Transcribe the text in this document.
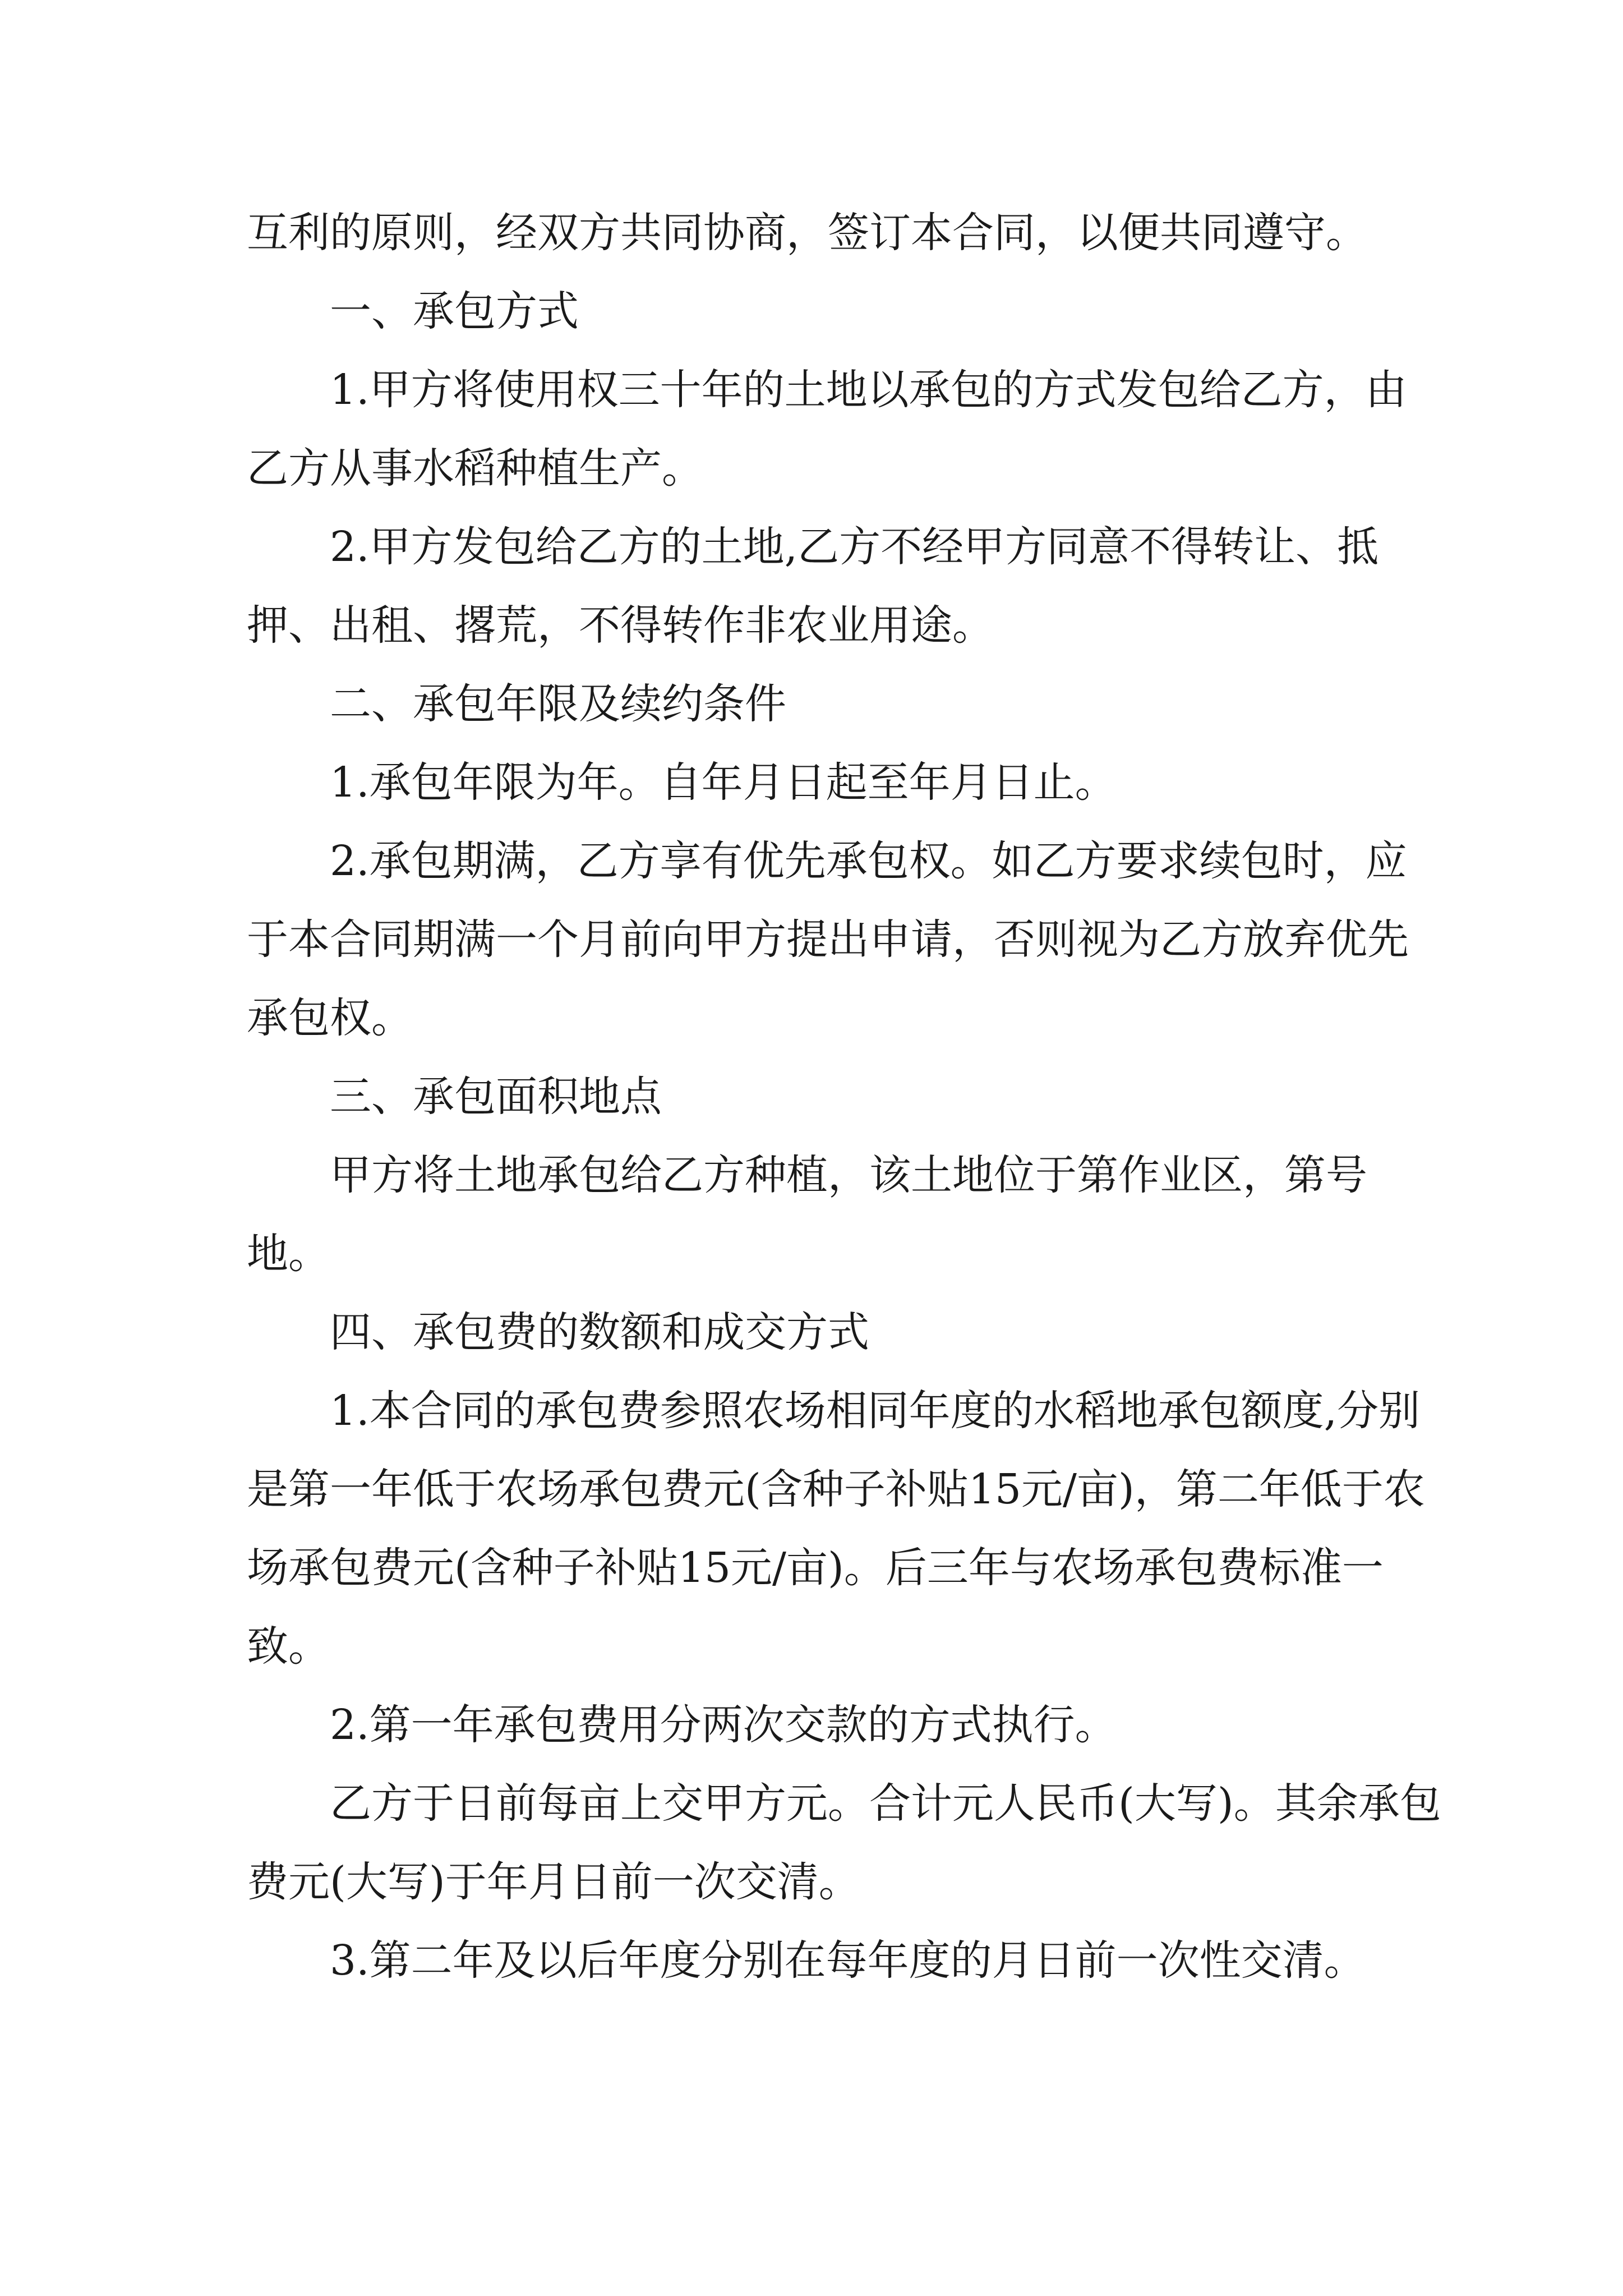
互利的原则，经双方共同协商，签订本合同，以便共同遵守。

一、承包方式

1.甲方将使用权三十年的土地以承包的方式发包给乙方，由乙方从事水稻种植生产。

2.甲方发包给乙方的土地,乙方不经甲方同意不得转让、抵押、出租、撂荒，不得转作非农业用途。

二、承包年限及续约条件

1.承包年限为年。自年月日起至年月日止。

2.承包期满，乙方享有优先承包权。如乙方要求续包时，应于本合同期满一个月前向甲方提出申请，否则视为乙方放弃优先承包权。

三、承包面积地点

甲方将土地承包给乙方种植，该土地位于第作业区，第号地。

四、承包费的数额和成交方式

1.本合同的承包费参照农场相同年度的水稻地承包额度,分别是第一年低于农场承包费元(含种子补贴15元/亩)，第二年低于农场承包费元(含种子补贴15元/亩)。后三年与农场承包费标准一致。

2.第一年承包费用分两次交款的方式执行。

乙方于日前每亩上交甲方元。合计元人民币(大写)。其余承包费元(大写)于年月日前一次交清。

3.第二年及以后年度分别在每年度的月日前一次性交清。
